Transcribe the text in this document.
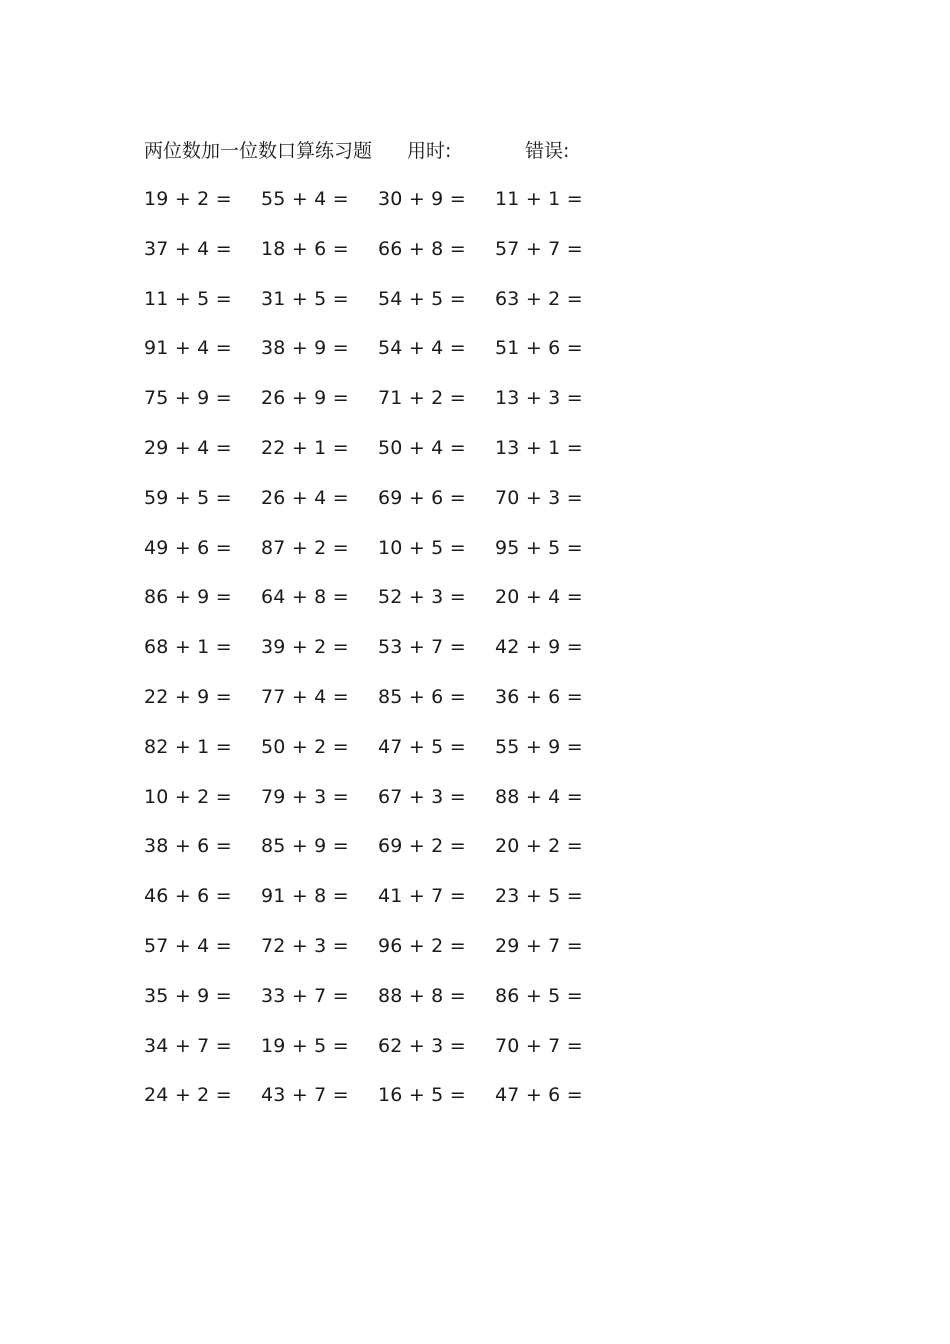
两位数加一位数口算练习题 用时:	错误:
19 + 2 = 55 + 4 = 30 + 9 = 11 + 1 =
37 + 4 = 18 + 6 = 66 + 8 = 57 + 7 =
11 + 5 = 31 + 5 = 54 + 5 = 63 + 2 =
91 + 4 = 38 + 9 = 54 + 4 = 51 + 6 =
75 + 9 = 26 + 9 = 71 + 2 = 13 + 3 =
29 + 4 = 22 + 1 = 50 + 4 = 13 + 1 =
59 + 5 = 26 + 4 = 69 + 6 = 70 + 3 =
49 + 6 = 87 + 2 = 10 + 5 = 95 + 5 =
86 + 9 = 64 + 8 = 52 + 3 = 20 + 4 =
68 + 1 = 39 + 2 = 53 + 7 = 42 + 9 =
22 + 9 = 77 + 4 = 85 + 6 = 36 + 6 =
82 + 1 = 50 + 2 = 47 + 5 = 55 + 9 =
10 + 2 = 79 + 3 = 67 + 3 = 88 + 4 =
38 + 6 = 85 + 9 = 69 + 2 = 20 + 2 =
46 + 6 = 91 + 8 = 41 + 7 = 23 + 5 =
57 + 4 = 72 + 3 = 96 + 2 = 29 + 7 =
35 + 9 = 33 + 7 = 88 + 8 = 86 + 5 =
34 + 7 = 19 + 5 = 62 + 3 = 70 + 7 =
24 + 2 = 43 + 7 = 16 + 5 = 47 + 6 =
